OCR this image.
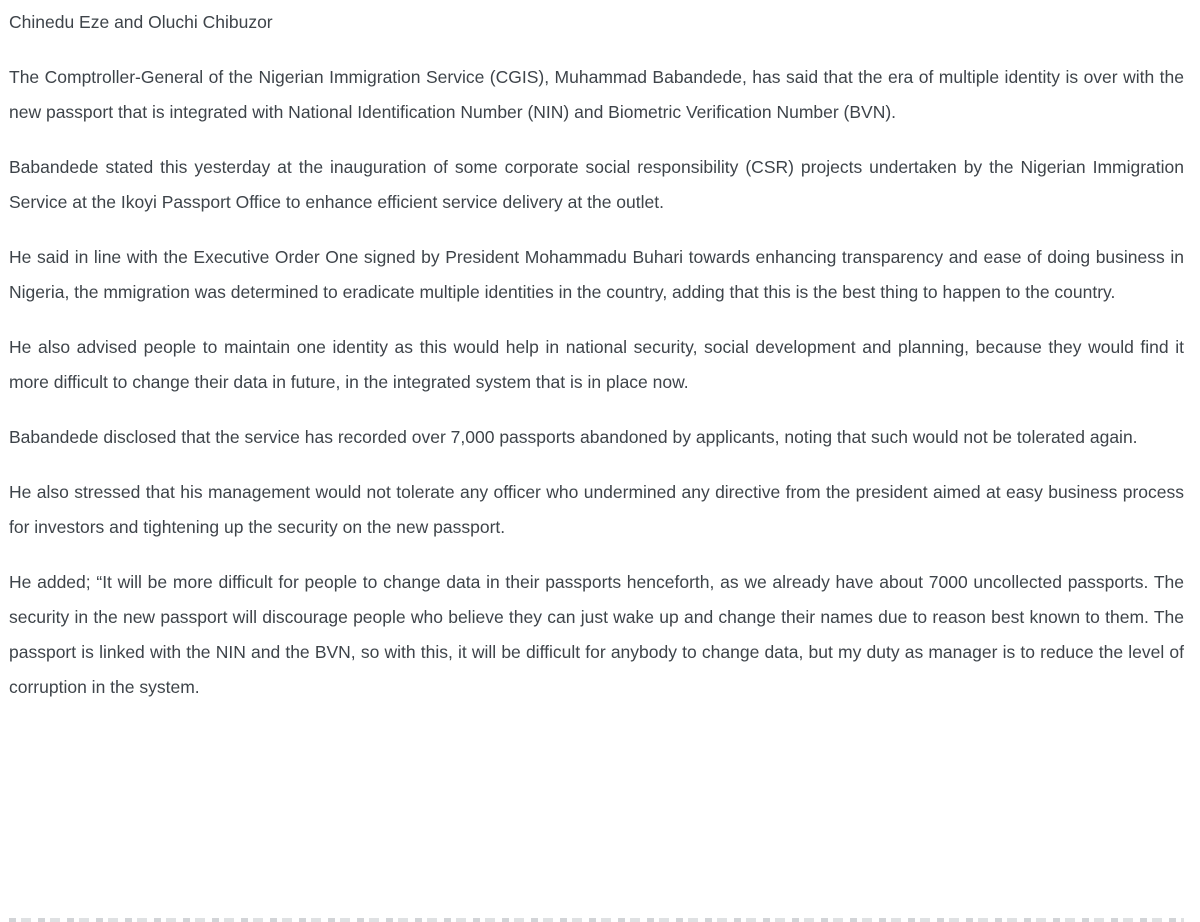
Chinedu Eze and Oluchi Chibuzor

The Comptroller-General of the Nigerian Immigration Service (CGIS), Muhammad Babandede, has said that the era of multiple identity is over with the new passport that is integrated with National Identification Number (NIN) and Biometric Verification Number (BVN).

Babandede stated this yesterday at the inauguration of some corporate social responsibility (CSR) projects undertaken by the Nigerian Immigration Service at the Ikoyi Passport Office to enhance efficient service delivery at the outlet.

He said in line with the Executive Order One signed by President Mohammadu Buhari towards enhancing transparency and ease of doing business in Nigeria, the mmigration was determined to eradicate multiple identities in the country, adding that this is the best thing to happen to the country.

He also advised people to maintain one identity as this would help in national security, social development and planning, because they would find it more difficult to change their data in future, in the integrated system that is in place now.

Babandede disclosed that the service has recorded over 7,000 passports abandoned by applicants, noting that such would not be tolerated again.

He also stressed that his management would not tolerate any officer who undermined any directive from the president aimed at easy business process for investors and tightening up the security on the new passport.

He added; “It will be more difficult for people to change data in their passports henceforth, as we already have about 7000 uncollected passports. The security in the new passport will discourage people who believe they can just wake up and change their names due to reason best known to them. The passport is linked with the NIN and the BVN, so with this, it will be difficult for anybody to change data, but my duty as manager is to reduce the level of corruption in the system.
